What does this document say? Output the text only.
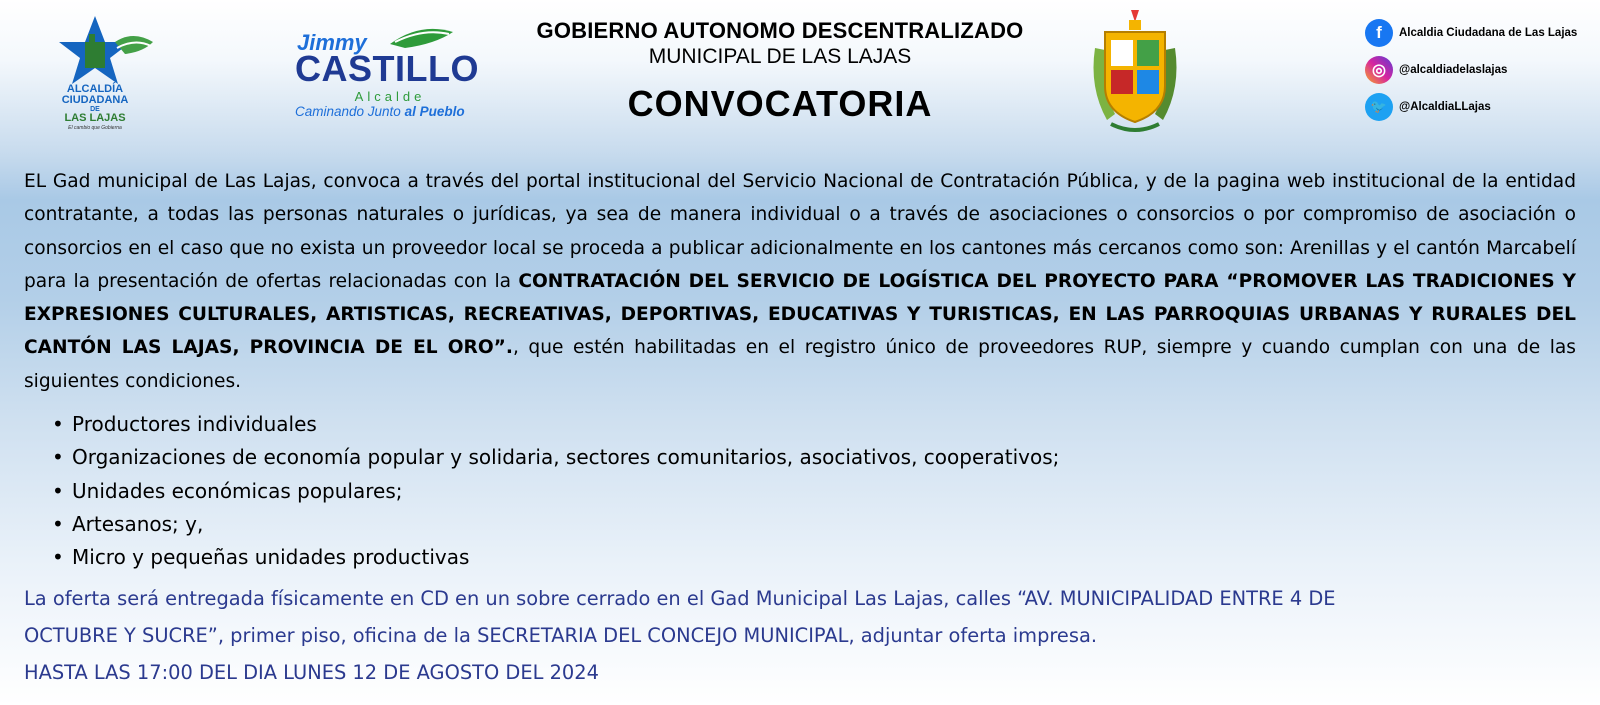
ALCALDÍA
CIUDADANA
DE
LAS LAJAS
El cambio que Gobierna
Jimmy
CASTILLO
Alcalde
Caminando Junto al Pueblo
GOBIERNO AUTONOMO DESCENTRALIZADO
MUNICIPAL DE LAS LAJAS
CONVOCATORIA
f	Alcaldia Ciudadana de Las Lajas
◎	@alcaldiadelaslajas
🐦	@AlcaldiaLLajas

EL Gad municipal de Las Lajas, convoca a través del portal institucional del Servicio Nacional de Contratación Pública, y de la pagina web institucional de la entidad contratante, a todas las personas naturales o jurídicas, ya sea de manera individual o a través de asociaciones o consorcios o por compromiso de asociación o consorcios en el caso que no exista un proveedor local se proceda a publicar adicionalmente en los cantones más cercanos como son: Arenillas y el cantón Marcabelí para la presentación de ofertas relacionadas con la CONTRATACIÓN DEL SERVICIO DE LOGÍSTICA DEL PROYECTO PARA “PROMOVER LAS TRADICIONES Y EXPRESIONES CULTURALES, ARTISTICAS, RECREATIVAS, DEPORTIVAS, EDUCATIVAS Y TURISTICAS, EN LAS PARROQUIAS URBANAS Y RURALES DEL CANTÓN LAS LAJAS, PROVINCIA DE EL ORO”., que estén habilitadas en el registro único de proveedores RUP, siempre y cuando cumplan con una de las siguientes condiciones.

• Productores individuales
• Organizaciones de economía popular y solidaria, sectores comunitarios, asociativos, cooperativos;
• Unidades económicas populares;
• Artesanos; y,
• Micro y pequeñas unidades productivas

La oferta será entregada físicamente en CD en un sobre cerrado en el Gad Municipal Las Lajas, calles “AV. MUNICIPALIDAD ENTRE 4 DE

OCTUBRE Y SUCRE”, primer piso, oficina de la SECRETARIA DEL CONCEJO MUNICIPAL, adjuntar oferta impresa.

HASTA LAS 17:00 DEL DIA LUNES 12 DE AGOSTO DEL 2024
